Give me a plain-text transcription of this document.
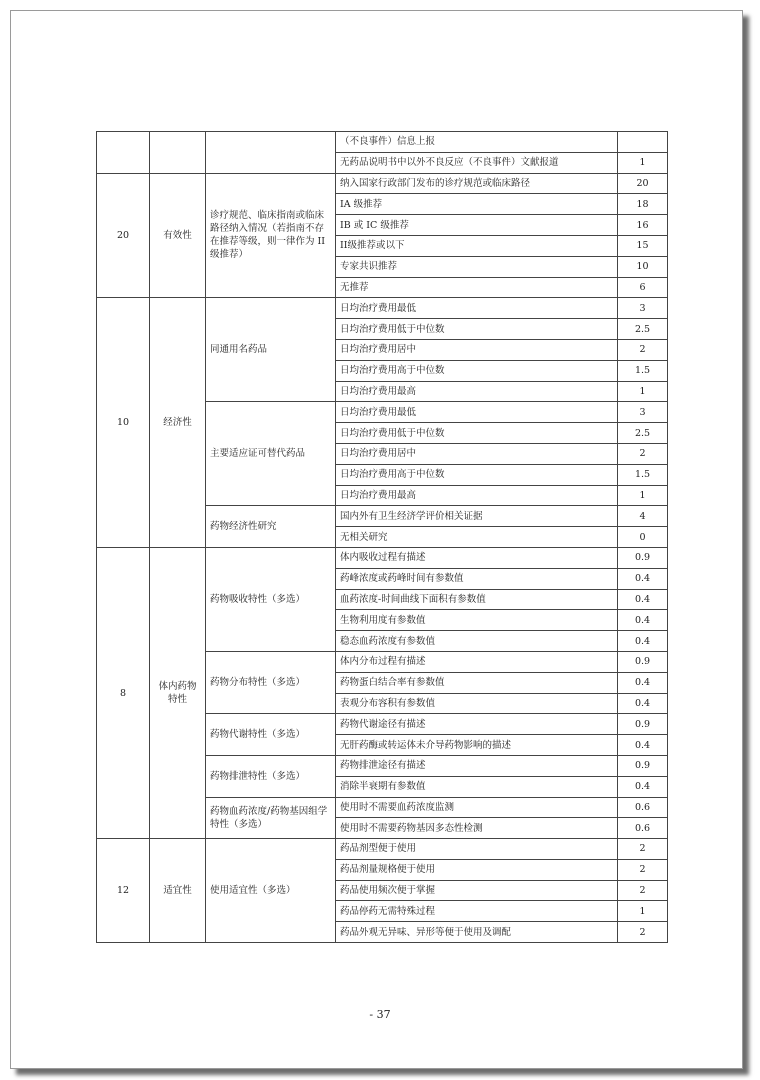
			（不良事件）信息上报	
			无药品说明书中以外不良反应（不良事件）文献报道	1
20	有效性	诊疗规范、临床指南或临床路径纳入情况（若指南不存在推荐等级，则一律作为 II 级推荐）	纳入国家行政部门发布的诊疗规范或临床路径	20
			IA 级推荐	18
			IB 或 IC 级推荐	16
			II级推荐或以下	15
			专家共识推荐	10
			无推荐	6
10	经济性	同通用名药品	日均治疗费用最低	3
			日均治疗费用低于中位数	2.5
			日均治疗费用居中	2
			日均治疗费用高于中位数	1.5
			日均治疗费用最高	1
		主要适应证可替代药品	日均治疗费用最低	3
			日均治疗费用低于中位数	2.5
			日均治疗费用居中	2
			日均治疗费用高于中位数	1.5
			日均治疗费用最高	1
		药物经济性研究	国内外有卫生经济学评价相关证据	4
			无相关研究	0
8	体内药物特性	药物吸收特性（多选）	体内吸收过程有描述	0.9
			药峰浓度或药峰时间有参数值	0.4
			血药浓度-时间曲线下面积有参数值	0.4
			生物利用度有参数值	0.4
			稳态血药浓度有参数值	0.4
		药物分布特性（多选）	体内分布过程有描述	0.9
			药物蛋白结合率有参数值	0.4
			表观分布容积有参数值	0.4
		药物代谢特性（多选）	药物代谢途径有描述	0.9
			无肝药酶或转运体未介导药物影响的描述	0.4
		药物排泄特性（多选）	药物排泄途径有描述	0.9
			消除半衰期有参数值	0.4
		药物血药浓度/药物基因组学特性（多选）	使用时不需要血药浓度监测	0.6
			使用时不需要药物基因多态性检测	0.6
12	适宜性	使用适宜性（多选）	药品剂型便于使用	2
			药品剂量规格便于使用	2
			药品使用频次便于掌握	2
			药品停药无需特殊过程	1
			药品外观无异味、异形等便于使用及调配	2
- 37
